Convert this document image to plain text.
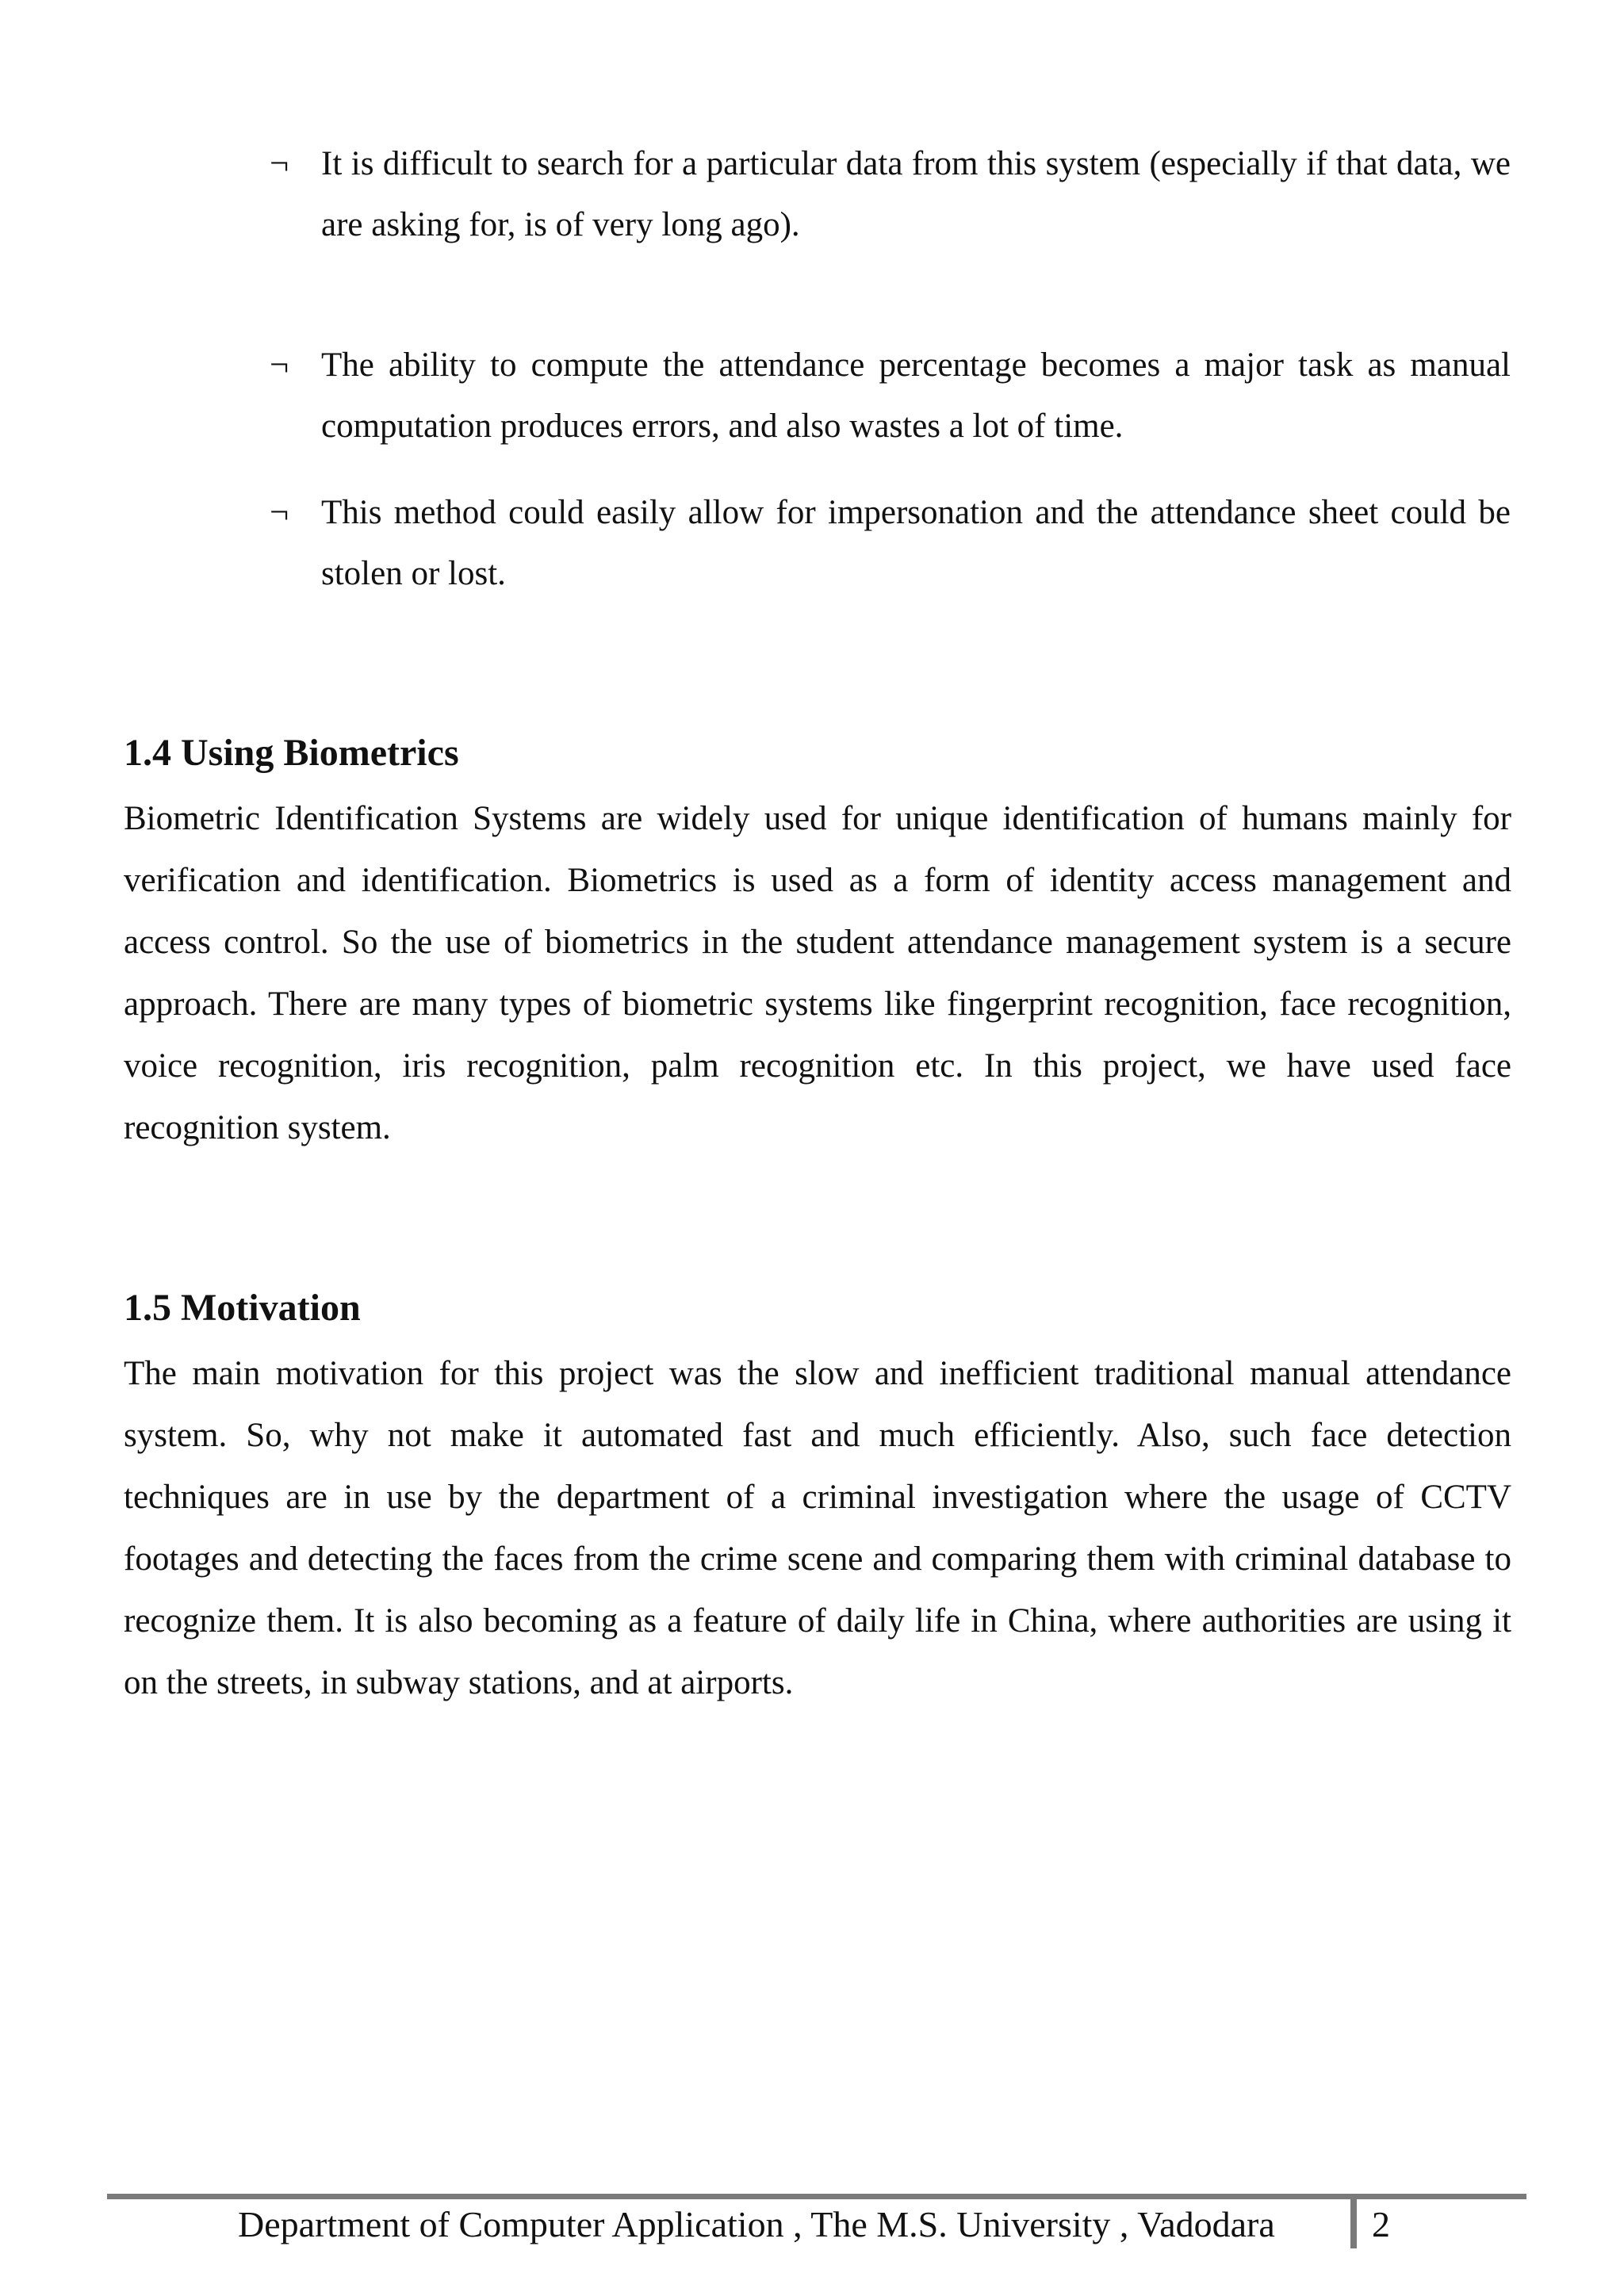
¬ It is difficult to search for a particular data from this system (especially if that data, we are asking for, is of very long ago).
¬ The ability to compute the attendance percentage becomes a major task as manual computation produces errors, and also wastes a lot of time.
¬ This method could easily allow for impersonation and the attendance sheet could be stolen or lost.
1.4 Using Biometrics

Biometric Identification Systems are widely used for unique identification of humans mainly for verification and identification. Biometrics is used as a form of identity access management and access control. So the use of biometrics in the student attendance management system is a secure approach. There are many types of biometric systems like fingerprint recognition, face recognition, voice recognition, iris recognition, palm recognition etc. In this project, we have used face recognition system.

1.5 Motivation

The main motivation for this project was the slow and inefficient traditional manual attendance system. So, why not make it automated fast and much efficiently. Also, such face detection techniques are in use by the department of a criminal investigation where the usage of CCTV footages and detecting the faces from the crime scene and comparing them with criminal database to recognize them. It is also becoming as a feature of daily life in China, where authorities are using it on the streets, in subway stations, and at airports.

Department of Computer Application , The M.S. University , Vadodara	2
